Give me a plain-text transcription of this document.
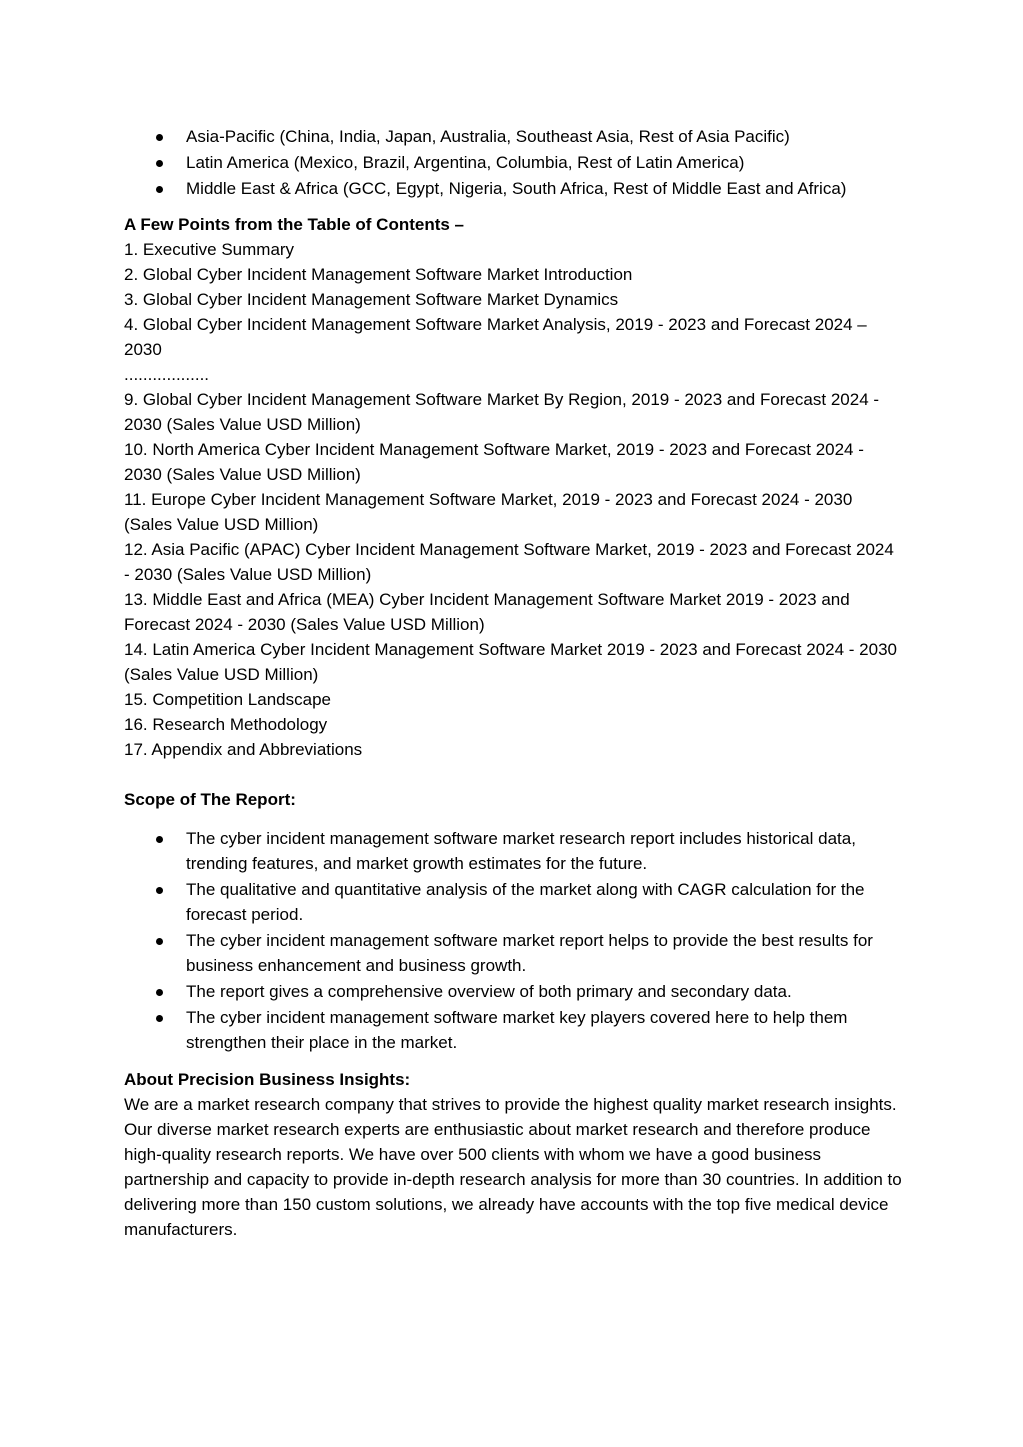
Asia-Pacific (China, India, Japan, Australia, Southeast Asia, Rest of Asia Pacific)
Latin America (Mexico, Brazil, Argentina, Columbia, Rest of Latin America)
Middle East & Africa (GCC, Egypt, Nigeria, South Africa, Rest of Middle East and Africa)
A Few Points from the Table of Contents –
1. Executive Summary
2. Global Cyber Incident Management Software Market Introduction
3. Global Cyber Incident Management Software Market Dynamics
4. Global Cyber Incident Management Software Market Analysis, 2019 - 2023 and Forecast 2024 – 2030
..................
9. Global Cyber Incident Management Software Market By Region, 2019 - 2023 and Forecast 2024 - 2030 (Sales Value USD Million)
10. North America Cyber Incident Management Software Market, 2019 - 2023 and Forecast 2024 - 2030 (Sales Value USD Million)
11. Europe Cyber Incident Management Software Market, 2019 - 2023 and Forecast 2024 - 2030 (Sales Value USD Million)
12. Asia Pacific (APAC) Cyber Incident Management Software Market, 2019 - 2023 and Forecast 2024 - 2030 (Sales Value USD Million)
13. Middle East and Africa (MEA) Cyber Incident Management Software Market 2019 - 2023 and Forecast 2024 - 2030 (Sales Value USD Million)
14. Latin America Cyber Incident Management Software Market 2019 - 2023 and Forecast 2024 - 2030 (Sales Value USD Million)
15. Competition Landscape
16. Research Methodology
17. Appendix and Abbreviations
Scope of The Report:
The cyber incident management software market research report includes historical data, trending features, and market growth estimates for the future.
The qualitative and quantitative analysis of the market along with CAGR calculation for the forecast period.
The cyber incident management software market report helps to provide the best results for business enhancement and business growth.
The report gives a comprehensive overview of both primary and secondary data.
The cyber incident management software market key players covered here to help them strengthen their place in the market.
About Precision Business Insights:

We are a market research company that strives to provide the highest quality market research insights. Our diverse market research experts are enthusiastic about market research and therefore produce high-quality research reports. We have over 500 clients with whom we have a good business partnership and capacity to provide in-depth research analysis for more than 30 countries. In addition to delivering more than 150 custom solutions, we already have accounts with the top five medical device manufacturers.
